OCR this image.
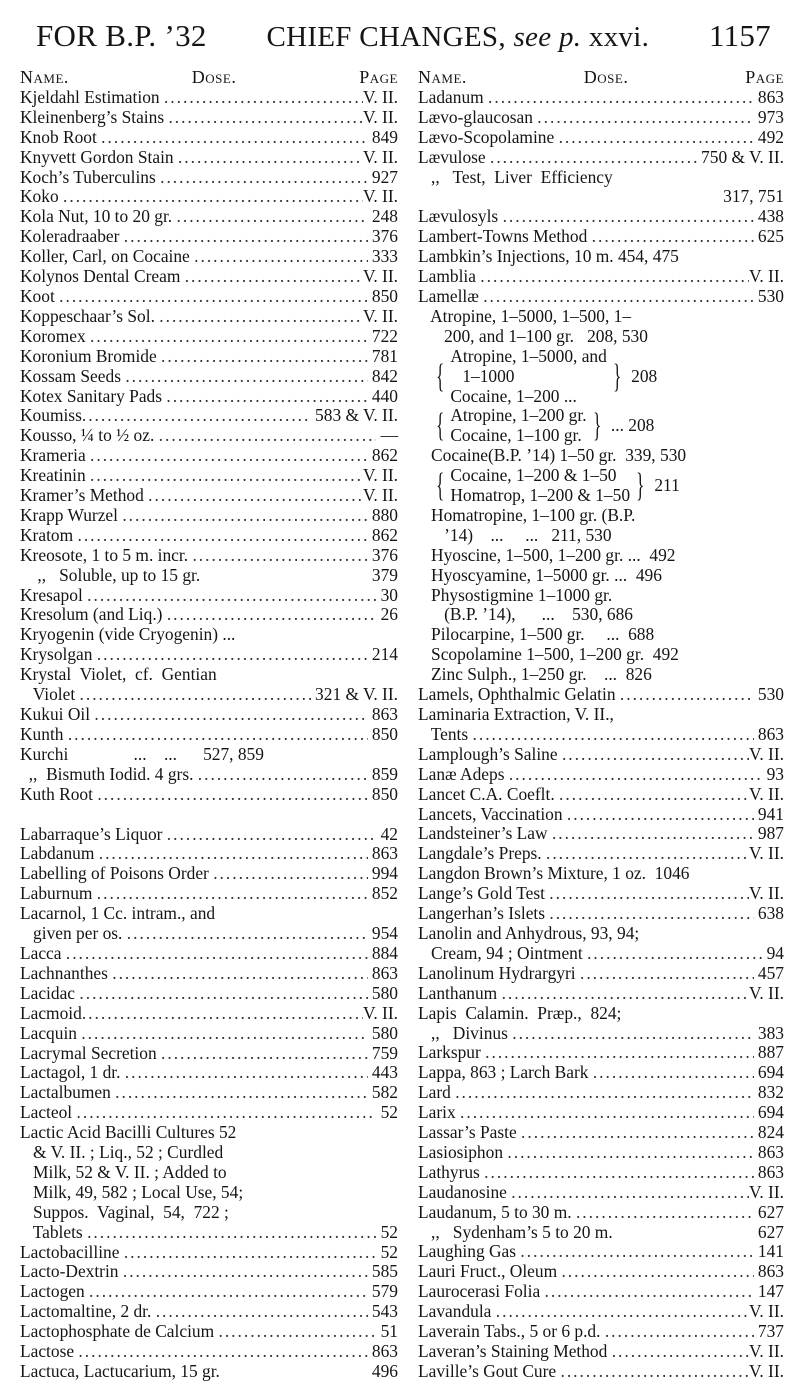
FOR B.P. ’32 CHIEF CHANGES, see p. xxvi. 1157
Name.	Dose.	Page
Kjeldahl Estimation .....	V. II.
Kleinenberg’s Stains .....	V. II.
Knob Root .....	849
Knyvett Gordon Stain .....	V. II.
Koch’s Tuberculins .....	927
Koko .....	V. II.
Kola Nut, 10 to 20 gr. .....	248
Koleradraaber .....	376
Koller, Carl, on Cocaine .....	333
Kolynos Dental Cream .....	V. II.
Koot .....	850
Koppeschaar’s Sol. .....	V. II.
Koromex .....	722
Koronium Bromide .....	781
Kossam Seeds .....	842
Kotex Sanitary Pads .....	440
Koumiss .....	583 & V. II.
Kousso, ¼ to ½ oz. .....	—
Krameria .....	862
Kreatinin .....	V. II.
Kramer’s Method .....	V. II.
Krapp Wurzel .....	880
Kratom .....	862
Kreosote, 1 to 5 m. incr. .....	376
,,   Soluble, up to 15 gr.	379
Kresapol .....	30
Kresolum (and Liq.) .....	26
Kryogenin (vide Cryogenin) ...
Krysolgan .....	214
Krystal  Violet,  cf.  Gentian
Violet .....	321 & V. II.
Kukui Oil .....	863
Kunth .....	850
Kurchi               ...    ...      527, 859
,,  Bismuth Iodid. 4 grs. .....	859
Kuth Root .....	850
Labarraque’s Liquor .....	42
Labdanum .....	863
Labelling of Poisons Order .....	994
Laburnum .....	852
Lacarnol, 1 Cc. intram., and
given per os. .....	954
Lacca .....	884
Lachnanthes .....	863
Lacidac .....	580
Lacmoid .....	V. II.
Lacquin .....	580
Lacrymal Secretion .....	759
Lactagol, 1 dr. .....	443
Lactalbumen .....	582
Lacteol .....	52
Lactic Acid Bacilli Cultures 52
& V. II. ; Liq., 52 ; Curdled
Milk, 52 & V. II. ; Added to
Milk, 49, 582 ; Local Use, 54;
Suppos.  Vaginal,  54,  722 ;
Tablets .....	52
Lactobacilline .....	52
Lacto-Dextrin .....	585
Lactogen .....	579
Lactomaltine, 2 dr. .....	543
Lactophosphate de Calcium .....	51
Lactose .....	863
Lactuca, Lactucarium, 15 gr.	496
Name.	Dose.	Page
Ladanum .....	863
Lævo-glaucosan .....	973
Lævo-Scopolamine .....	492
Lævulose .....	750 & V. II.
,,   Test,  Liver  Efficiency
317, 751
Lævulosyls .....	438
Lambert-Towns Method .....	625
Lambkin’s Injections, 10 m. 454, 475
Lamblia .....	V. II.
Lamellæ .....	530
Atropine, 1–5000, 1–500, 1–
200, and 1–100 gr.   208, 530
{
Atropine, 1–5000, and
1–1000
Cocaine, 1–200 ...
} 208
{ Atropine, 1–200 gr.
Cocaine, 1–100 gr. } ... 208
Cocaine(B.P. ’14) 1–50 gr.  339, 530
{ Cocaine, 1–200 & 1–50
Homatrop, 1–200 & 1–50 } 211
Homatropine, 1–100 gr. (B.P.
’14)    ...     ...   211, 530
Hyoscine, 1–500, 1–200 gr. ...  492
Hyoscyamine, 1–5000 gr. ...  496
Physostigmine 1–1000 gr.
(B.P. ’14),      ...    530, 686
Pilocarpine, 1–500 gr.     ...  688
Scopolamine 1–500, 1–200 gr.  492
Zinc Sulph., 1–250 gr.    ...  826
Lamels, Ophthalmic Gelatin .....	530
Laminaria Extraction, V. II.,
Tents .....	863
Lamplough’s Saline .....	V. II.
Lanæ Adeps .....	93
Lancet C.A. Coeflt. .....	V. II.
Lancets, Vaccination .....	941
Landsteiner’s Law .....	987
Langdale’s Preps. .....	V. II.
Langdon Brown’s Mixture, 1 oz.  1046
Lange’s Gold Test .....	V. II.
Langerhan’s Islets .....	638
Lanolin and Anhydrous, 93, 94;
Cream, 94 ; Ointment .....	94
Lanolinum Hydrargyri .....	457
Lanthanum .....	V. II.
Lapis  Calamin.  Præp.,  824;
,,   Divinus .....	383
Larkspur .....	887
Lappa, 863 ; Larch Bark .....	694
Lard .....	832
Larix .....	694
Lassar’s Paste .....	824
Lasiosiphon .....	863
Lathyrus .....	863
Laudanosine .....	V. II.
Laudanum, 5 to 30 m. .....	627
,,   Sydenham’s 5 to 20 m.	627
Laughing Gas .....	141
Lauri Fruct., Oleum .....	863
Laurocerasi Folia .....	147
Lavandula .....	V. II.
Laverain Tabs., 5 or 6 p.d. .....	737
Laveran’s Staining Method .....	V. II.
Laville’s Gout Cure .....	V. II.
